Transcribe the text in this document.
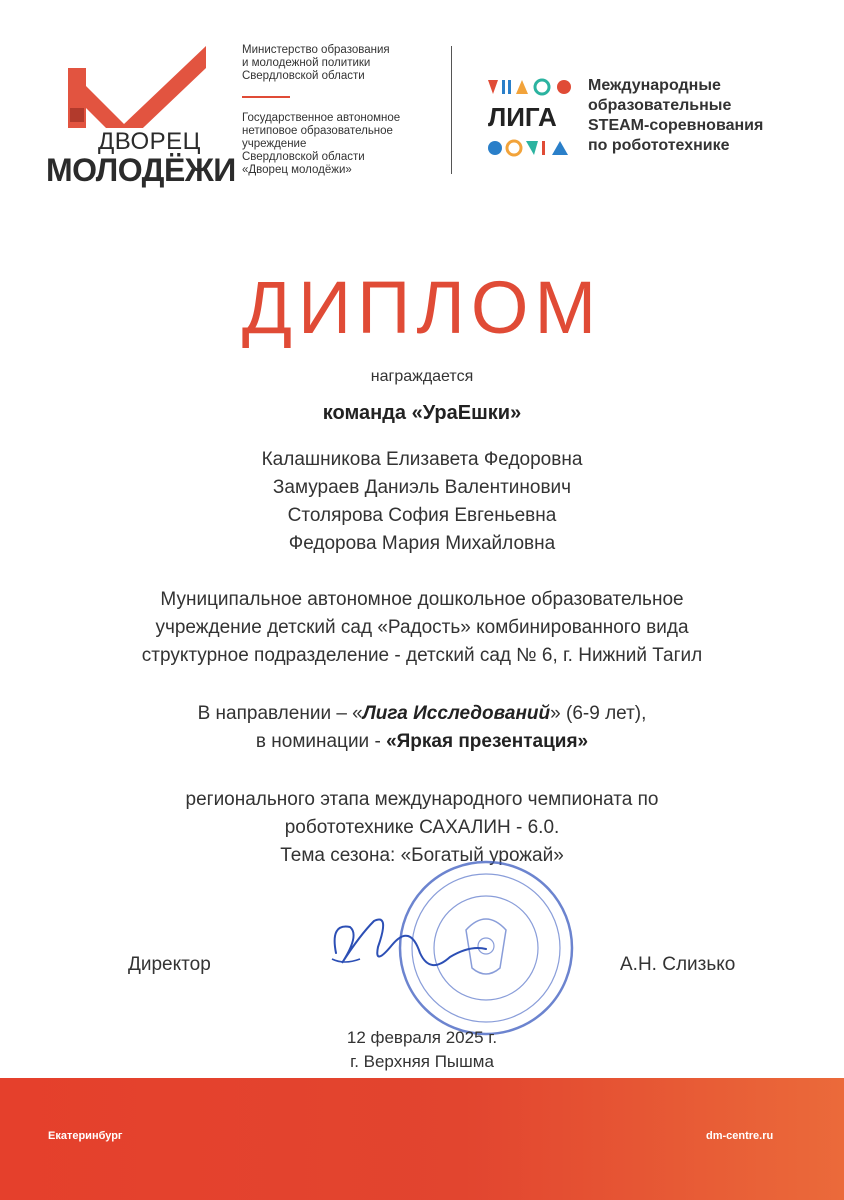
ДВОРЕЦ
МОЛОДЁЖИ
Министерство образования
и молодежной политики
Свердловской области
Государственное автономное
нетиповое образовательное
учреждение
Свердловской области
«Дворец молодёжи»
ЛИГА
Международные
образовательные
STEAM-соревнования
по робототехнике
ДИПЛОМ
награждается
команда «УраЕшки»
Калашникова Елизавета Федоровна
Замураев Даниэль Валентинович
Столярова София Евгеньевна
Федорова Мария Михайловна
Муниципальное автономное дошкольное образовательное
учреждение детский сад «Радость» комбинированного вида
структурное подразделение - детский сад № 6, г. Нижний Тагил
В направлении – «Лига Исследований» (6-9 лет),
в номинации - «Яркая презентация»
регионального этапа международного чемпионата по
робототехнике САХАЛИН - 6.0.
Тема сезона: «Богатый урожай»
Директор	А.Н. Слизько
12 февраля 2025 г.
г. Верхняя Пышма
Екатеринбург	dm-centre.ru
